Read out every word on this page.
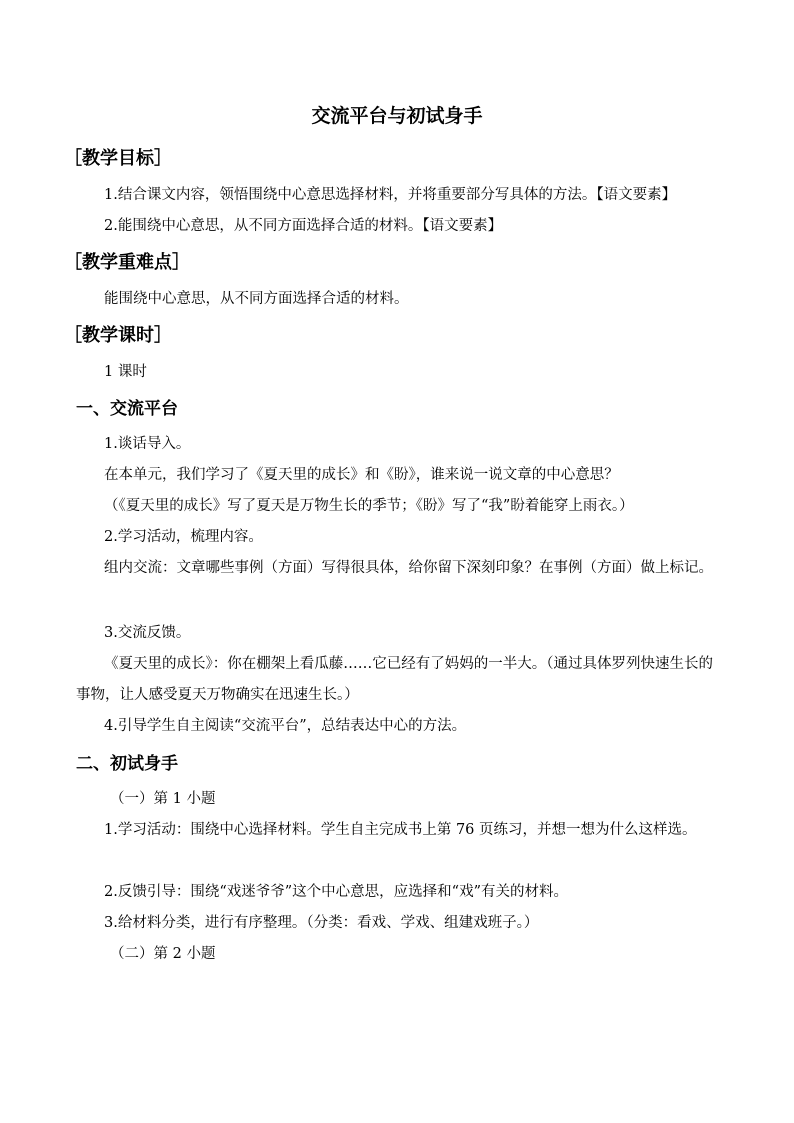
交流平台与初试身手
［教学目标］
1.结合课文内容，领悟围绕中心意思选择材料，并将重要部分写具体的方法。【语文要素】
2.能围绕中心意思，从不同方面选择合适的材料。【语文要素】
［教学重难点］
能围绕中心意思，从不同方面选择合适的材料。
［教学课时］
1 课时
一、交流平台
1.谈话导入。
在本单元，我们学习了《夏天里的成长》和《盼》，谁来说一说文章的中心意思？
（《夏天里的成长》写了夏天是万物生长的季节；《盼》写了“我”盼着能穿上雨衣。）
2.学习活动，梳理内容。
组内交流：文章哪些事例（方面）写得很具体，给你留下深刻印象？在事例（方面）做上标记。
3.交流反馈。
《夏天里的成长》：你在棚架上看瓜藤……它已经有了妈妈的一半大。（通过具体罗列快速生长的事物，让人感受夏天万物确实在迅速生长。）
4.引导学生自主阅读“交流平台”，总结表达中心的方法。
二、初试身手
（一）第 1 小题
1.学习活动：围绕中心选择材料。学生自主完成书上第 76 页练习，并想一想为什么这样选。
2.反馈引导：围绕“戏迷爷爷”这个中心意思，应选择和“戏”有关的材料。
3.给材料分类，进行有序整理。（分类：看戏、学戏、组建戏班子。）
（二）第 2 小题
